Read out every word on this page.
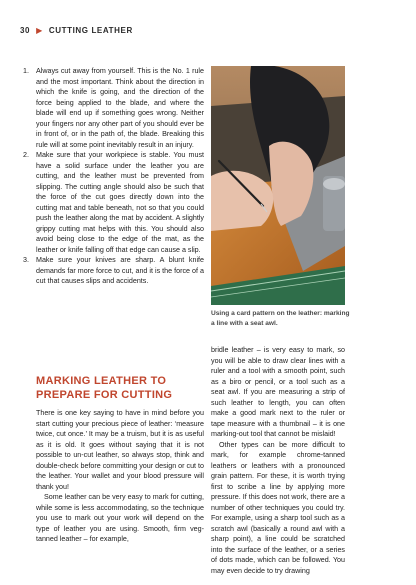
30 ▶ CUTTING LEATHER
1. Always cut away from yourself. This is the No. 1 rule and the most important. Think about the direction in which the knife is going, and the direction of the force being applied to the blade, and where the blade will end up if something goes wrong. Neither your fingers nor any other part of you should ever be in front of, or in the path of, the blade. Breaking this rule will at some point inevitably result in an injury.
2. Make sure that your workpiece is stable. You must have a solid surface under the leather you are cutting, and the leather must be prevented from slipping. The cutting angle should also be such that the force of the cut goes directly down into the cutting mat and table beneath, not so that you could push the leather along the mat by accident. A slightly grippy cutting mat helps with this. You should also avoid being close to the edge of the mat, as the leather or knife falling off that edge can cause a slip.
3. Make sure your knives are sharp. A blunt knife demands far more force to cut, and it is the force of a cut that causes slips and accidents.
Using a card pattern on the leather: marking a line with a seat awl.
MARKING LEATHER TO PREPARE FOR CUTTING

There is one key saying to have in mind before you start cutting your precious piece of leather: ‘measure twice, cut once.’ It may be a truism, but it is as useful as it is old. It goes without saying that it is not possible to un-cut leather, so always stop, think and double-check before committing your design or cut to the leather. Your wallet and your blood pressure will thank you!

Some leather can be very easy to mark for cutting, while some is less accommodating, so the technique you use to mark out your work will depend on the type of leather you are using. Smooth, firm veg-tanned leather – for example,

bridle leather – is very easy to mark, so you will be able to draw clear lines with a ruler and a tool with a smooth point, such as a biro or pencil, or a tool such as a seat awl. If you are measuring a strip of such leather to length, you can often make a good mark next to the ruler or tape measure with a thumbnail – it is one marking-out tool that cannot be mislaid!

Other types can be more difficult to mark, for example chrome-tanned leathers or leathers with a pronounced grain pattern. For these, it is worth trying first to scribe a line by applying more pressure. If this does not work, there are a number of other techniques you could try. For example, using a sharp tool such as a scratch awl (basically a round awl with a sharp point), a line could be scratched into the surface of the leather, or a series of dots made, which can be followed. You may even decide to try drawing
